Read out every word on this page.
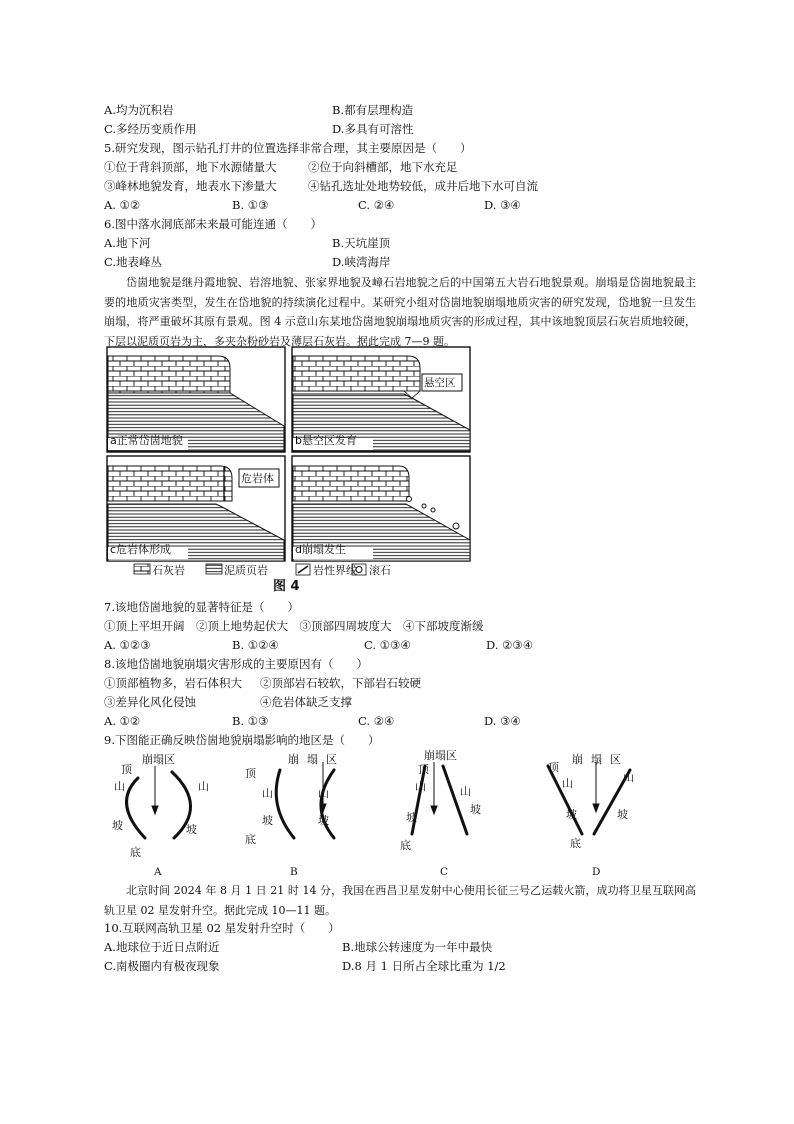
A.均为沉积岩	B.都有层理构造
C.多经历变质作用	D.多具有可溶性
5.研究发现，图示钻孔打井的位置选择非常合理，其主要原因是（　　）
①位于背斜顶部，地下水源储量大	②位于向斜槽部，地下水充足
③峰林地貌发育，地表水下渗量大	④钻孔选址处地势较低，成井后地下水可自流
A. ①②	B. ①③	C. ②④	D. ③④
6.图中落水洞底部未来最可能连通（　　）
A.地下河	B.天坑崖顶
C.地表峰丛	D.峡湾海岸
岱崮地貌是继丹霞地貌、岩溶地貌、张家界地貌及嶂石岩地貌之后的中国第五大岩石地貌景观。崩塌是岱崮地貌最主要的地质灾害类型，发生在岱地貌的持续演化过程中。某研究小组对岱崮地貌崩塌地质灾害的研究发现，岱地貌一旦发生崩塌，将严重破坏其原有景观。图 4 示意山东某地岱崮地貌崩塌地质灾害的形成过程，其中该地貌顶层石灰岩质地较硬，下层以泥质页岩为主，多夹杂粉砂岩及薄层石灰岩。据此完成 7—9 题。
a正常岱崮地貌	b悬空区发育
c危岩体形成	d崩塌发生
悬空区
危岩体
石灰岩	泥质页岩	岩性界线 滚石
图 4
7.该地岱崮地貌的显著特征是（　　）
①顶上平坦开阔　②顶上地势起伏大　③顶部四周坡度大　④下部坡度渐缓
A. ①②③	B. ①②④	C. ①③④	D. ②③④
8.该地岱崮地貌崩塌灾害形成的主要原因有（　　）
①顶部植物多，岩石体积大 ②顶部岩石较软，下部岩石较硬
③差异化风化侵蚀	④危岩体缺乏支撑
A. ①②	B. ①③	C. ②④	D. ③④
9.下图能正确反映岱崮地貌崩塌影响的地区是（　　）
崩塌区
顶
山	山
坡	坡
底
崩塌区
顶
山	山
坡	坡
底
崩塌区
顶
山	山
坡
坡
底
崩塌区
顶
山	山
坡	坡
底
A	B	C	D
北京时间 2024 年 8 月 1 日 21 时 14 分，我国在西昌卫星发射中心使用长征三号乙运载火箭，成功将卫星互联网高轨卫星 02 星发射升空。据此完成 10—11 题。
10.互联网高轨卫星 02 星发射升空时（　　）
A.地球位于近日点附近	B.地球公转速度为一年中最快
C.南极圈内有极夜现象	D.8 月 1 日所占全球比重为 1/2
